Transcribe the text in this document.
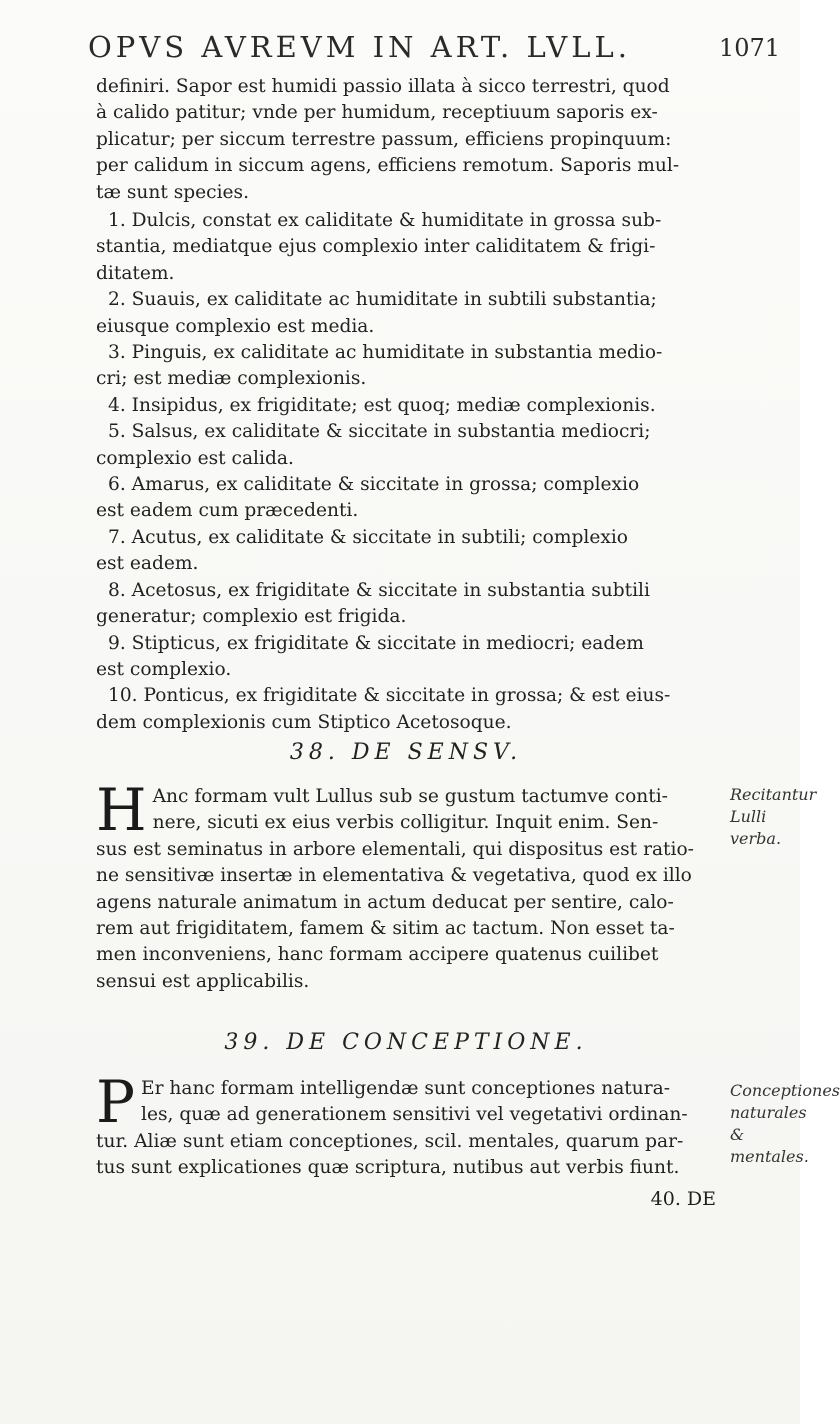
OPVS AVREVM IN ART. LVLL.	1071

definiri. Sapor est humidi passio illata à sicco terrestri, quod

à calido patitur; vnde per humidum, receptiuum saporis ex-

plicatur; per siccum terrestre passum, efficiens propinquum:

per calidum in siccum agens, efficiens remotum. Saporis mul-

tæ sunt species.

1. Dulcis, constat ex caliditate & humiditate in grossa sub-

stantia, mediatque ejus complexio inter caliditatem & frigi-

ditatem.

2. Suauis, ex caliditate ac humiditate in subtili substantia;

eiusque complexio est media.

3. Pinguis, ex caliditate ac humiditate in substantia medio-

cri; est mediæ complexionis.

4. Insipidus, ex frigiditate; est quoq; mediæ complexionis.

5. Salsus, ex caliditate & siccitate in substantia mediocri;

complexio est calida.

6. Amarus, ex caliditate & siccitate in grossa; complexio

est eadem cum præcedenti.

7. Acutus, ex caliditate & siccitate in subtili; complexio

est eadem.

8. Acetosus, ex frigiditate & siccitate in substantia subtili

generatur; complexio est frigida.

9. Stipticus, ex frigiditate & siccitate in mediocri; eadem

est complexio.

10. Ponticus, ex frigiditate & siccitate in grossa; & est eius-

dem complexionis cum Stiptico Acetosoque.

38. DE SENSV.
H Anc formam vult Lullus sub se gustum tactumve conti-

nere, sicuti ex eius verbis colligitur. Inquit enim. Sen-

sus est seminatus in arbore elementali, qui dispositus est ratio-

ne sensitivæ insertæ in elementativa & vegetativa, quod ex illo

agens naturale animatum in actum deducat per sentire, calo-

rem aut frigiditatem, famem & sitim ac tactum. Non esset ta-

men inconveniens, hanc formam accipere quatenus cuilibet

sensui est applicabilis.

Recitantur
Lulli verba.
39. DE CONCEPTIONE.
P Er hanc formam intelligendæ sunt conceptiones natura-

les, quæ ad generationem sensitivi vel vegetativi ordinan-

tur. Aliæ sunt etiam conceptiones, scil. mentales, quarum par-

tus sunt explicationes quæ scriptura, nutibus aut verbis fiunt.

Conceptiones
naturales &
mentales.
40. DE
